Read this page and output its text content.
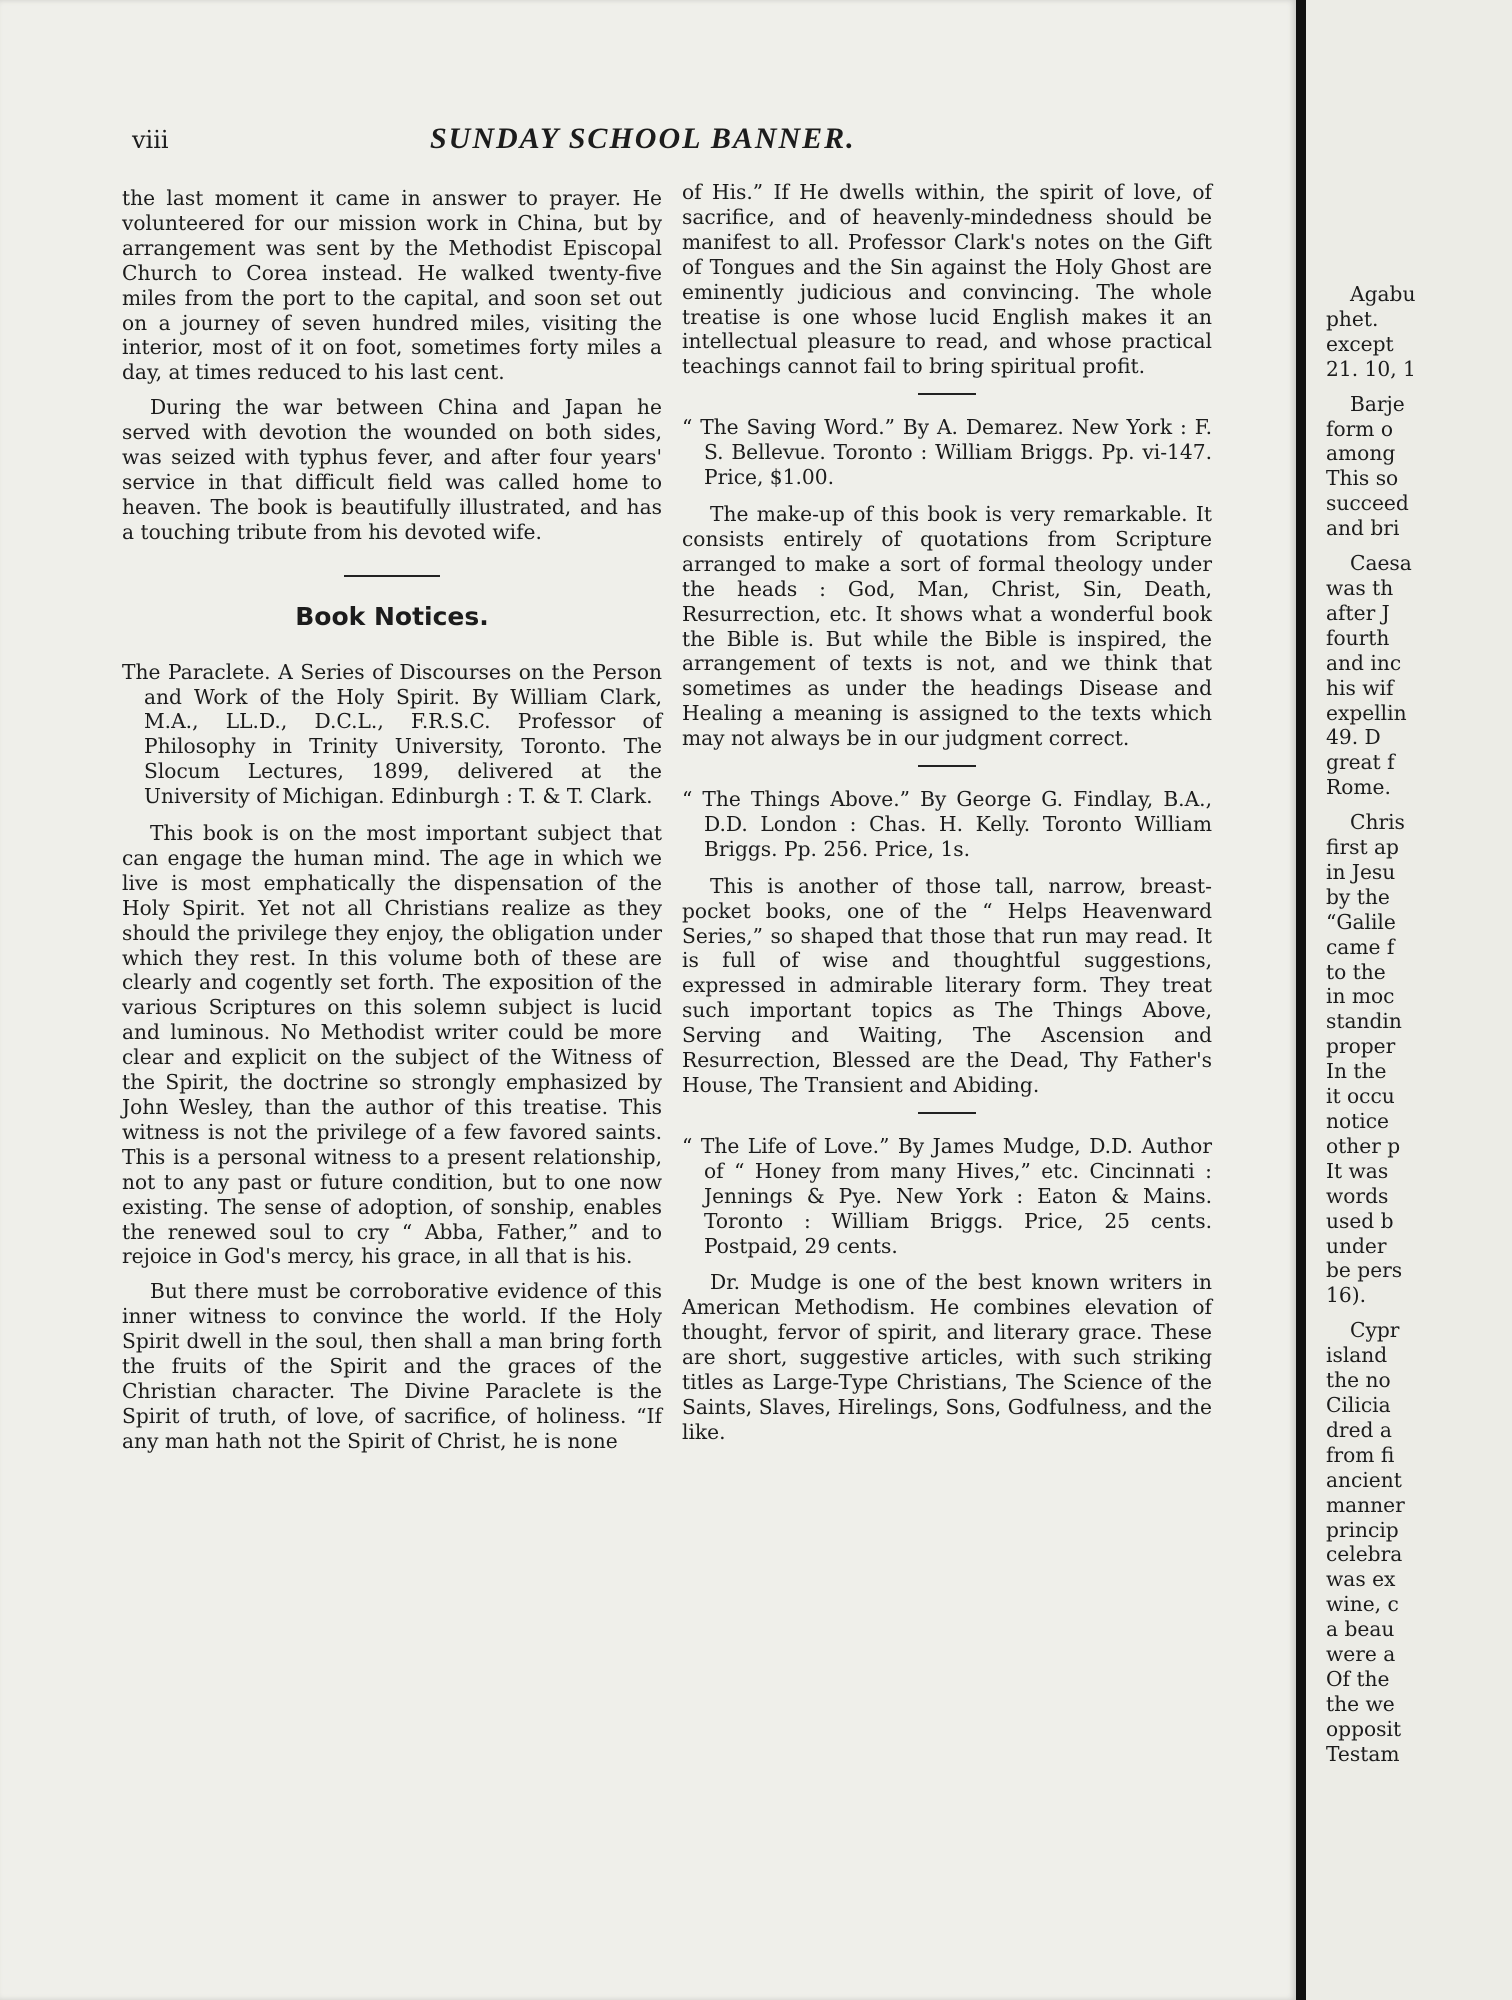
viii	SUNDAY SCHOOL BANNER.

the last moment it came in answer to prayer. He volunteered for our mission work in China, but by arrangement was sent by the Methodist Episcopal Church to Corea instead. He walked twenty-five miles from the port to the capital, and soon set out on a journey of seven hundred miles, visiting the interior, most of it on foot, sometimes forty miles a day, at times reduced to his last cent.

During the war between China and Japan he served with devotion the wounded on both sides, was seized with typhus fever, and after four years' service in that difficult field was called home to heaven. The book is beautifully illustrated, and has a touching tribute from his devoted wife.

Book Notices.
The Paraclete. A Series of Discourses on the Person and Work of the Holy Spirit. By William Clark, M.A., LL.D., D.C.L., F.R.S.C. Professor of Philosophy in Trinity University, Toronto. The Slocum Lectures, 1899, delivered at the University of Michigan. Edinburgh : T. & T. Clark.

This book is on the most important subject that can engage the human mind. The age in which we live is most emphatically the dispensation of the Holy Spirit. Yet not all Christians realize as they should the privilege they enjoy, the obligation under which they rest. In this volume both of these are clearly and cogently set forth. The exposition of the various Scriptures on this solemn subject is lucid and luminous. No Methodist writer could be more clear and explicit on the subject of the Witness of the Spirit, the doctrine so strongly emphasized by John Wesley, than the author of this treatise. This witness is not the privilege of a few favored saints. This is a personal witness to a present relationship, not to any past or future condition, but to one now existing. The sense of adoption, of sonship, enables the renewed soul to cry “ Abba, Father,” and to rejoice in God's mercy, his grace, in all that is his.

But there must be corroborative evidence of this inner witness to convince the world. If the Holy Spirit dwell in the soul, then shall a man bring forth the fruits of the Spirit and the graces of the Christian character. The Divine Paraclete is the Spirit of truth, of love, of sacrifice, of holiness. “If any man hath not the Spirit of Christ, he is none

of His.” If He dwells within, the spirit of love, of sacrifice, and of heavenly-mindedness should be manifest to all. Professor Clark's notes on the Gift of Tongues and the Sin against the Holy Ghost are eminently judicious and convincing. The whole treatise is one whose lucid English makes it an intellectual pleasure to read, and whose practical teachings cannot fail to bring spiritual profit.

“ The Saving Word.” By A. Demarez. New York : F. S. Bellevue. Toronto : William Briggs. Pp. vi-147. Price, $1.00.

The make-up of this book is very remarkable. It consists entirely of quotations from Scripture arranged to make a sort of formal theology under the heads : God, Man, Christ, Sin, Death, Resurrection, etc. It shows what a wonderful book the Bible is. But while the Bible is inspired, the arrangement of texts is not, and we think that sometimes as under the headings Disease and Healing a meaning is assigned to the texts which may not always be in our judgment correct.

“ The Things Above.” By George G. Findlay, B.A., D.D. London : Chas. H. Kelly. Toronto William Briggs. Pp. 256. Price, 1s.

This is another of those tall, narrow, breast-pocket books, one of the “ Helps Heavenward Series,” so shaped that those that run may read. It is full of wise and thoughtful suggestions, expressed in admirable literary form. They treat such important topics as The Things Above, Serving and Waiting, The Ascension and Resurrection, Blessed are the Dead, Thy Father's House, The Transient and Abiding.

“ The Life of Love.” By James Mudge, D.D. Author of “ Honey from many Hives,” etc. Cincinnati : Jennings & Pye. New York : Eaton & Mains. Toronto : William Briggs. Price, 25 cents. Postpaid, 29 cents.

Dr. Mudge is one of the best known writers in American Methodism. He combines elevation of thought, fervor of spirit, and literary grace. These are short, suggestive articles, with such striking titles as Large-Type Christians, The Science of the Saints, Slaves, Hirelings, Sons, Godfulness, and the like.

Agabu
phet.
except
21. 10, 1
Barje
form o
among
This so
succeed
and bri
Caesa
was th
after J
fourth
and inc
his wif
expellin
49. D
great f
Rome.
Chris
first ap
in Jesu
by the
“Galile
came f
to the
in moc
standin
proper
In the
it occu
notice
other p
It was
words
used b
under
be pers
16).
Cypr
island
the no
Cilicia
dred a
from fi
ancient
manner
princip
celebra
was ex
wine, c
a beau
were a
Of the
the we
opposit
Testam
